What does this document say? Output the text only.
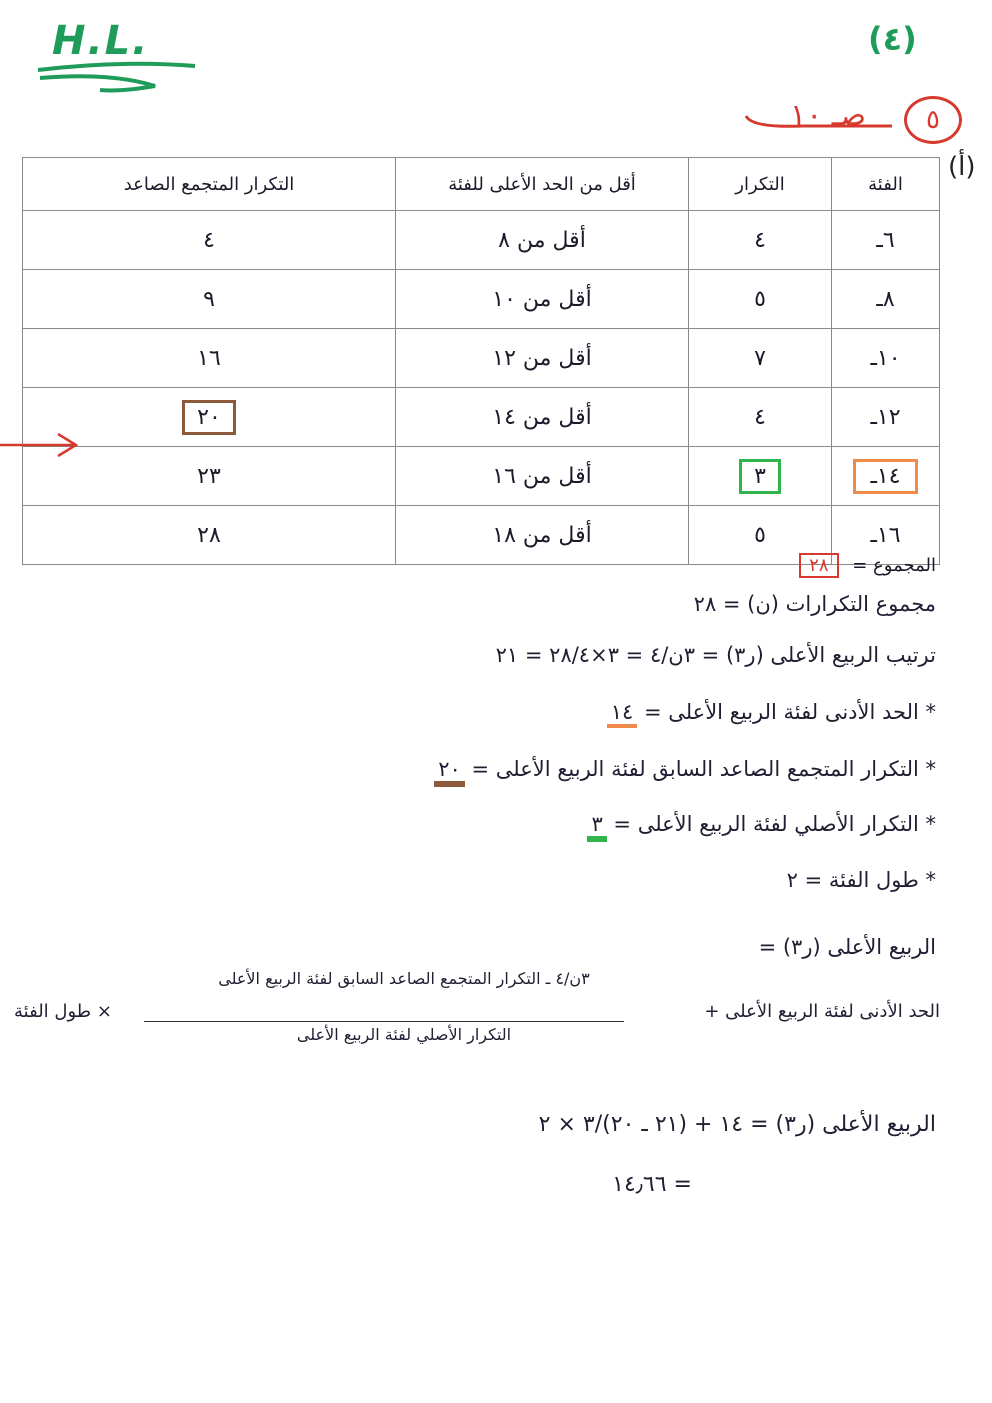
H.L.	(٤)
صـ ١٠	٥
(أ)
الفئة	التكرار	أقل من الحد الأعلى للفئة	التكرار المتجمع الصاعد
٦ـ	٤	أقل من ٨	٤
٨ـ	٥	أقل من ١٠	٩
١٠ـ	٧	أقل من ١٢	١٦
١٢ـ	٤	أقل من ١٤	٢٠
١٤ـ	٣	أقل من ١٦	٢٣
١٦ـ	٥	أقل من ١٨	٢٨
المجموع = ٢٨
مجموع التكرارات (ن) = ٢٨
ترتيب الربيع الأعلى (ر٣) = ٣ن/٤ = ٣×٢٨/٤ = ٢١
* الحد الأدنى لفئة الربيع الأعلى = ١٤
* التكرار المتجمع الصاعد السابق لفئة الربيع الأعلى = ٢٠
* التكرار الأصلي لفئة الربيع الأعلى = ٣
* طول الفئة = ٢
الربيع الأعلى (ر٣) =
الحد الأدنى لفئة الربيع الأعلى +
٣ن/٤ ـ التكرار المتجمع الصاعد السابق لفئة الربيع الأعلى
التكرار الأصلي لفئة الربيع الأعلى
× طول الفئة
الربيع الأعلى (ر٣) = ١٤ + (٢١ ـ ٢٠)/٣ × ٢
= ١٤٫٦٦
